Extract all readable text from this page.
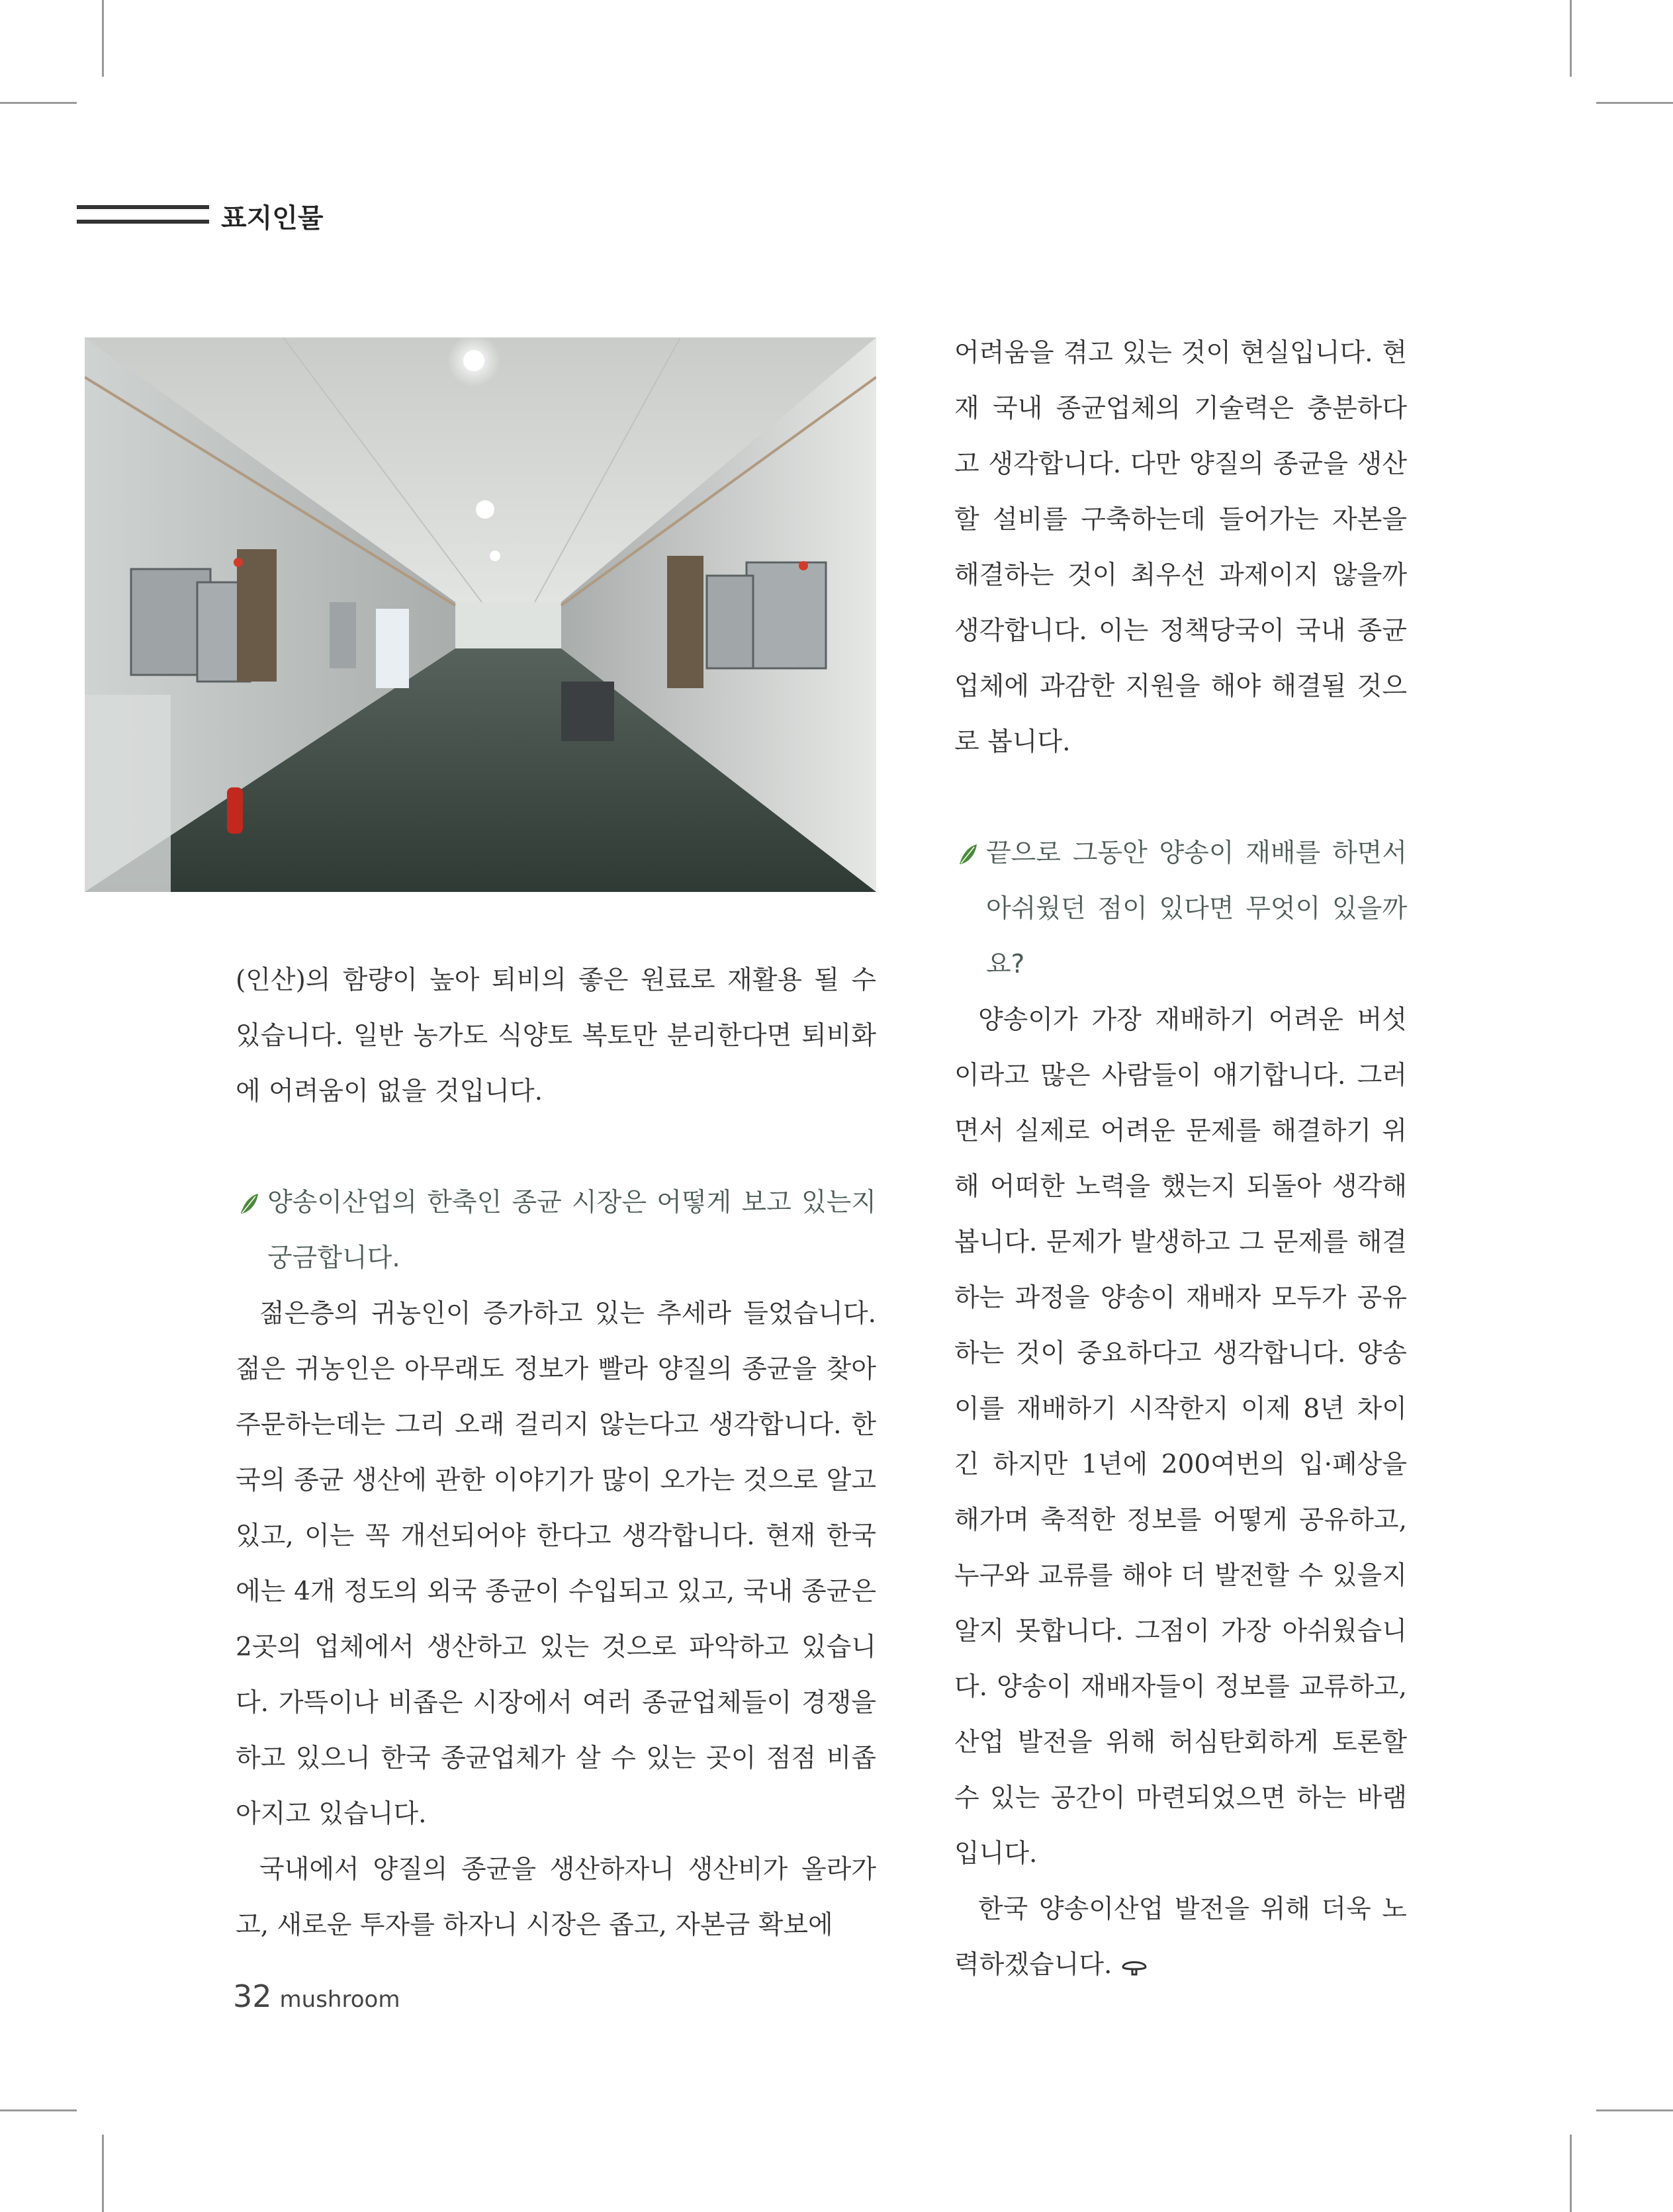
표지인물

(인산)의 함량이 높아 퇴비의 좋은 원료로 재활용 될 수 있습니다. 일반 농가도 식양토 복토만 분리한다면 퇴비화에 어려움이 없을 것입니다.

양송이산업의 한축인 종균 시장은 어떻게 보고 있는지 궁금합니다.

젊은층의 귀농인이 증가하고 있는 추세라 들었습니다. 젊은 귀농인은 아무래도 정보가 빨라 양질의 종균을 찾아 주문하는데는 그리 오래 걸리지 않는다고 생각합니다. 한국의 종균 생산에 관한 이야기가 많이 오가는 것으로 알고 있고, 이는 꼭 개선되어야 한다고 생각합니다. 현재 한국에는 4개 정도의 외국 종균이 수입되고 있고, 국내 종균은 2곳의 업체에서 생산하고 있는 것으로 파악하고 있습니다. 가뜩이나 비좁은 시장에서 여러 종균업체들이 경쟁을 하고 있으니 한국 종균업체가 살 수 있는 곳이 점점 비좁아지고 있습니다.

국내에서 양질의 종균을 생산하자니 생산비가 올라가고, 새로운 투자를 하자니 시장은 좁고, 자본금 확보에

어려움을 겪고 있는 것이 현실입니다. 현재 국내 종균업체의 기술력은 충분하다고 생각합니다. 다만 양질의 종균을 생산할 설비를 구축하는데 들어가는 자본을 해결하는 것이 최우선 과제이지 않을까 생각합니다. 이는 정책당국이 국내 종균업체에 과감한 지원을 해야 해결될 것으로 봅니다.

끝으로 그동안 양송이 재배를 하면서 아쉬웠던 점이 있다면 무엇이 있을까요?

양송이가 가장 재배하기 어려운 버섯이라고 많은 사람들이 얘기합니다. 그러면서 실제로 어려운 문제를 해결하기 위해 어떠한 노력을 했는지 되돌아 생각해 봅니다. 문제가 발생하고 그 문제를 해결하는 과정을 양송이 재배자 모두가 공유하는 것이 중요하다고 생각합니다. 양송이를 재배하기 시작한지 이제 8년 차이긴 하지만 1년에 200여번의 입·폐상을 해가며 축적한 정보를 어떻게 공유하고, 누구와 교류를 해야 더 발전할 수 있을지 알지 못합니다. 그점이 가장 아쉬웠습니다. 양송이 재배자들이 정보를 교류하고, 산업 발전을 위해 허심탄회하게 토론할 수 있는 공간이 마련되었으면 하는 바램입니다.

한국 양송이산업 발전을 위해 더욱 노력하겠습니다.

32 mushroom
